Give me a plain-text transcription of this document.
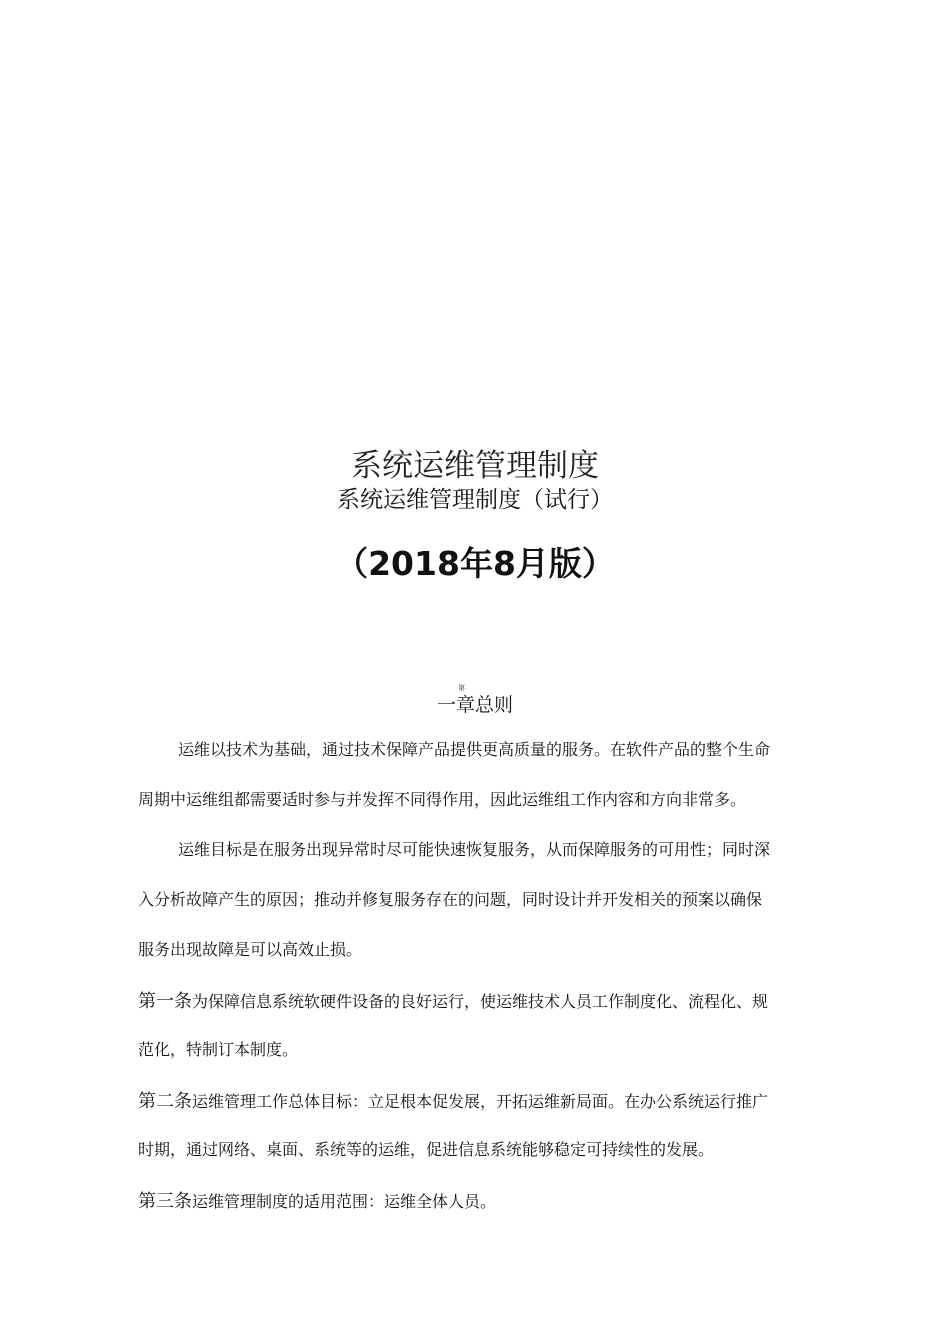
系统运维管理制度
系统运维管理制度（试行）
（2018年8月版）
第
一章总则
运维以技术为基础，通过技术保障产品提供更高质量的服务。在软件产品的整个生命
周期中运维组都需要适时参与并发挥不同得作用，因此运维组工作内容和方向非常多。
运维目标是在服务出现异常时尽可能快速恢复服务，从而保障服务的可用性；同时深
入分析故障产生的原因；推动并修复服务存在的问题，同时设计并开发相关的预案以确保
服务出现故障是可以高效止损。
第一条为保障信息系统软硬件设备的良好运行，使运维技术人员工作制度化、流程化、规
范化，特制订本制度。
第二条运维管理工作总体目标：立足根本促发展，开拓运维新局面。在办公系统运行推广
时期，通过网络、桌面、系统等的运维，促进信息系统能够稳定可持续性的发展。
第三条运维管理制度的适用范围：运维全体人员。
